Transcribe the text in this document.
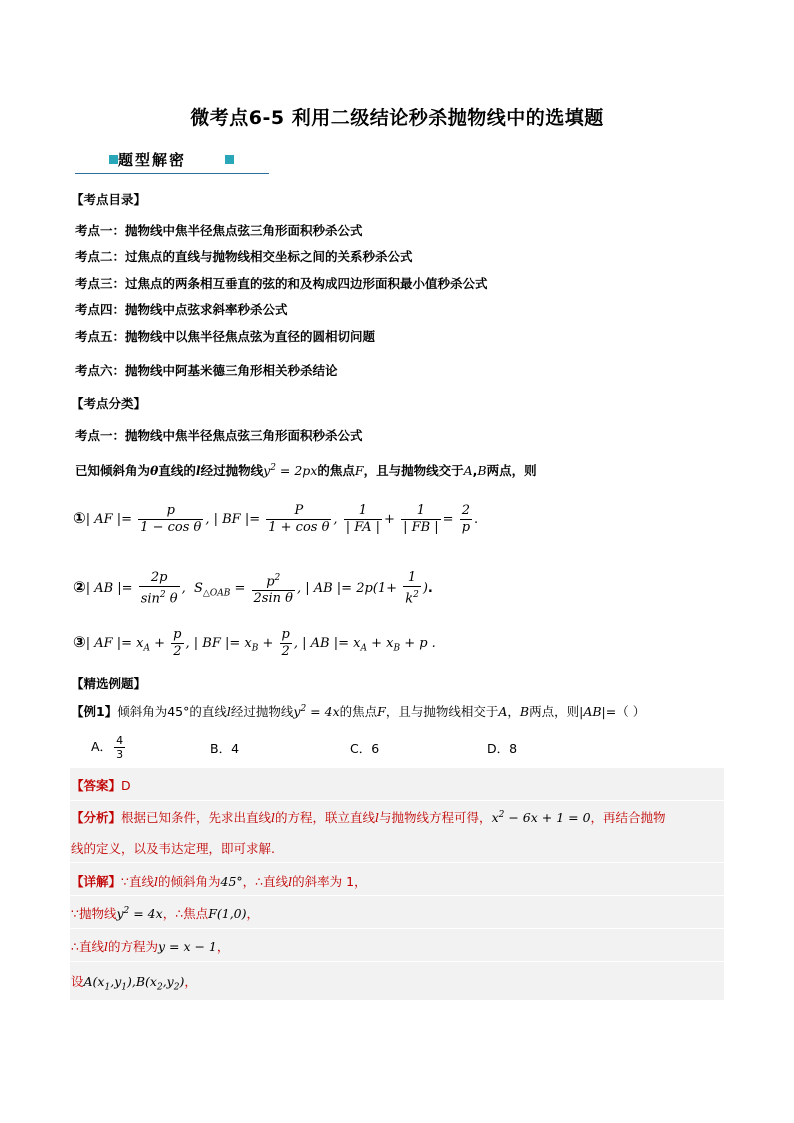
微考点6-5 利用二级结论秒杀抛物线中的选填题
题型解密
【考点目录】
考点一：抛物线中焦半径焦点弦三角形面积秒杀公式
考点二：过焦点的直线与抛物线相交坐标之间的关系秒杀公式
考点三：过焦点的两条相互垂直的弦的和及构成四边形面积最小值秒杀公式
考点四：抛物线中点弦求斜率秒杀公式
考点五：抛物线中以焦半径焦点弦为直径的圆相切问题
考点六：抛物线中阿基米德三角形相关秒杀结论
【考点分类】
考点一：抛物线中焦半径焦点弦三角形面积秒杀公式
已知倾斜角为θ直线的l经过抛物线$y^2 = 2px$的焦点F，且与抛物线交于A,B两点，则
①| AF |= $\frac{p}{\text{1 − cos θ}}$ , | BF |= $\frac{P}{\text{1 + cos θ}}$ , $\frac{1}{| FA |} + \frac{1}{| FB |} = \frac{2}{p}$ .
②| AB |= $\frac{2p}{\sin^2 \theta}$ ,  $S_{\triangle OAB} = \frac{p^2}{\text{2sin θ}}$ , | AB |= $2p(1+ \frac{1}{k^2}$ ).
③| AF |= $x_A + \frac{p}{2}$ , | BF |= $x_B + \frac{p}{2}$ , | AB |= $x_A + x_B + p$ .
【精选例题】
【例1】倾斜角为45°的直线l经过抛物线$y^2 = 4x$的焦点F，且与抛物线相交于A，B两点，则|AB|=（ ）
A． $\frac{4}{3}$	B．4	C．6	D．8
【答案】D
【分析】根据已知条件，先求出直线l的方程，联立直线l与抛物线方程可得，$x^2 - 6x + 1 = 0$，再结合抛物
线的定义，以及韦达定理，即可求解.
【详解】∵直线l的倾斜角为45°，∴直线l的斜率为 1，
∵抛物线$y^2 = 4x$，∴焦点F(1,0)，
∴直线l的方程为y = x − 1，
设$A(x_1,y_1),B(x_2,y_2)$，
